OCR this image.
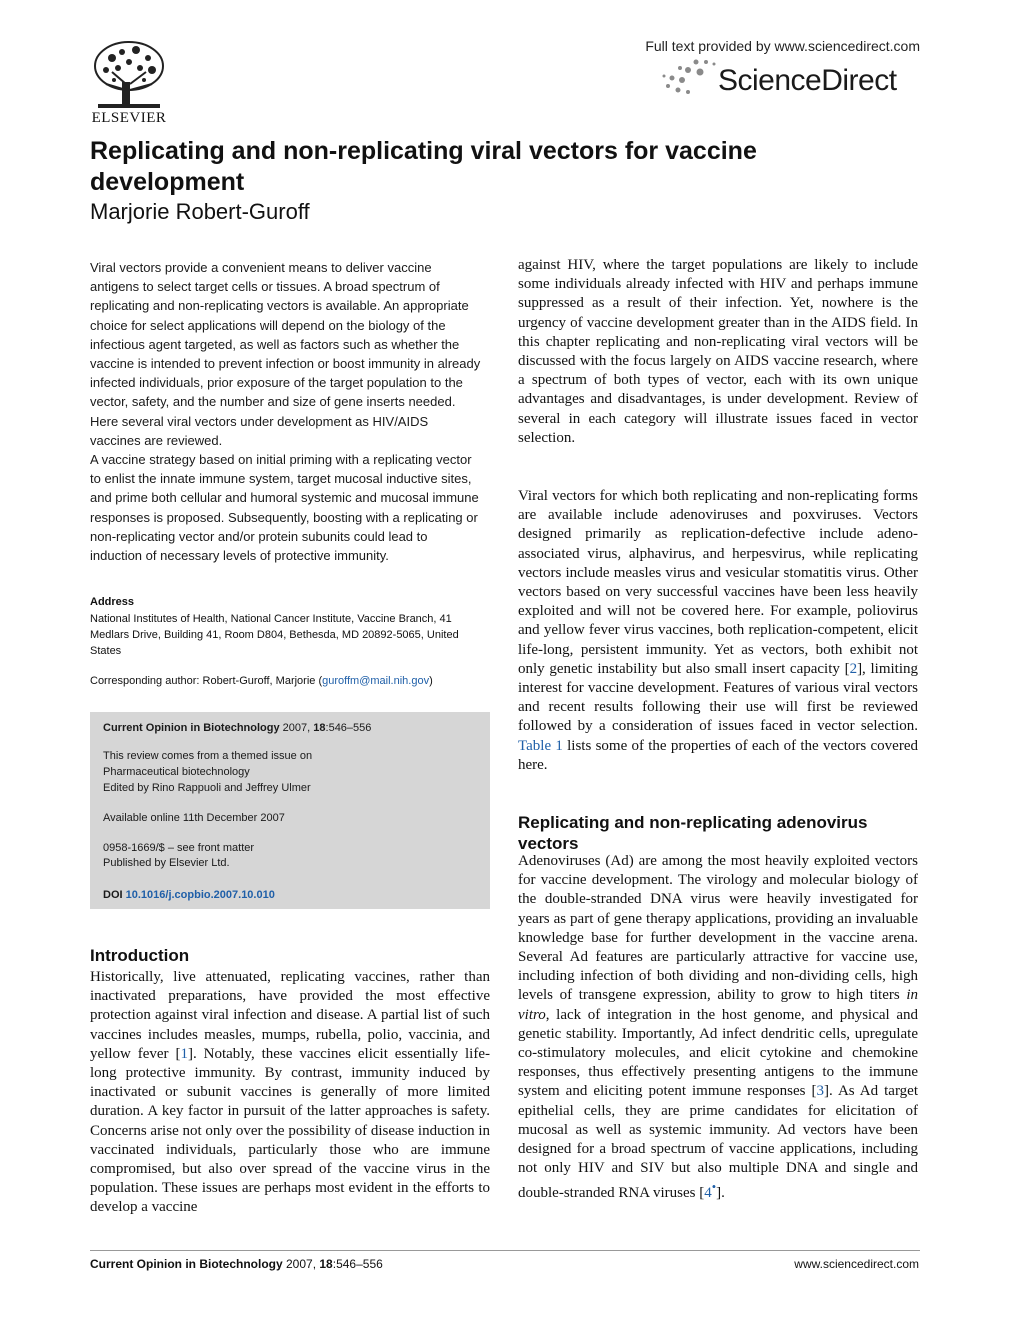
ELSEVIER
Full text provided by www.sciencedirect.com
ScienceDirect
Replicating and non-replicating viral vectors for vaccine development
Marjorie Robert-Guroff

Viral vectors provide a convenient means to deliver vaccine antigens to select target cells or tissues. A broad spectrum of replicating and non-replicating vectors is available. An appropriate choice for select applications will depend on the biology of the infectious agent targeted, as well as factors such as whether the vaccine is intended to prevent infection or boost immunity in already infected individuals, prior exposure of the target population to the vector, safety, and the number and size of gene inserts needed. Here several viral vectors under development as HIV/AIDS vaccines are reviewed.

A vaccine strategy based on initial priming with a replicating vector to enlist the innate immune system, target mucosal inductive sites, and prime both cellular and humoral systemic and mucosal immune responses is proposed. Subsequently, boosting with a replicating or non-replicating vector and/or protein subunits could lead to induction of necessary levels of protective immunity.

Address
National Institutes of Health, National Cancer Institute, Vaccine Branch, 41 Medlars Drive, Building 41, Room D804, Bethesda, MD 20892-5065, United States
Corresponding author: Robert-Guroff, Marjorie (guroffm@mail.nih.gov)
Current Opinion in Biotechnology 2007, 18:546–556
This review comes from a themed issue on
Pharmaceutical biotechnology
Edited by Rino Rappuoli and Jeffrey Ulmer
Available online 11th December 2007
0958-1669/$ – see front matter
Published by Elsevier Ltd.
DOI 10.1016/j.copbio.2007.10.010
Introduction

Historically, live attenuated, replicating vaccines, rather than inactivated preparations, have provided the most effective protection against viral infection and disease. A partial list of such vaccines includes measles, mumps, rubella, polio, vaccinia, and yellow fever [1]. Notably, these vaccines elicit essentially life-long protective immunity. By contrast, immunity induced by inactivated or subunit vaccines is generally of more limited duration. A key factor in pursuit of the latter approaches is safety. Concerns arise not only over the possibility of disease induction in vaccinated individuals, particularly those who are immune compromised, but also over spread of the vaccine virus in the population. These issues are perhaps most evident in the efforts to develop a vaccine

against HIV, where the target populations are likely to include some individuals already infected with HIV and perhaps immune suppressed as a result of their infection. Yet, nowhere is the urgency of vaccine development greater than in the AIDS field. In this chapter replicating and non-replicating viral vectors will be discussed with the focus largely on AIDS vaccine research, where a spectrum of both types of vector, each with its own unique advantages and disadvantages, is under development. Review of several in each category will illustrate issues faced in vector selection.

Viral vectors for which both replicating and non-replicating forms are available include adenoviruses and poxviruses. Vectors designed primarily as replication-defective include adeno-associated virus, alphavirus, and herpesvirus, while replicating vectors include measles virus and vesicular stomatitis virus. Other vectors based on very successful vaccines have been less heavily exploited and will not be covered here. For example, poliovirus and yellow fever virus vaccines, both replication-competent, elicit life-long, persistent immunity. Yet as vectors, both exhibit not only genetic instability but also small insert capacity [2], limiting interest for vaccine development. Features of various viral vectors and recent results following their use will first be reviewed followed by a consideration of issues faced in vector selection. Table 1 lists some of the properties of each of the vectors covered here.

Replicating and non-replicating adenovirus vectors

Adenoviruses (Ad) are among the most heavily exploited vectors for vaccine development. The virology and molecular biology of the double-stranded DNA virus were heavily investigated for years as part of gene therapy applications, providing an invaluable knowledge base for further development in the vaccine arena. Several Ad features are particularly attractive for vaccine use, including infection of both dividing and non-dividing cells, high levels of transgene expression, ability to grow to high titers in vitro, lack of integration in the host genome, and physical and genetic stability. Importantly, Ad infect dendritic cells, upregulate co-stimulatory molecules, and elicit cytokine and chemokine responses, thus effectively presenting antigens to the immune system and eliciting potent immune responses [3]. As Ad target epithelial cells, they are prime candidates for elicitation of mucosal as well as systemic immunity. Ad vectors have been designed for a broad spectrum of vaccine applications, including not only HIV and SIV but also multiple DNA and single and double-stranded RNA viruses [4•].

Current Opinion in Biotechnology 2007, 18:546–556	www.sciencedirect.com
